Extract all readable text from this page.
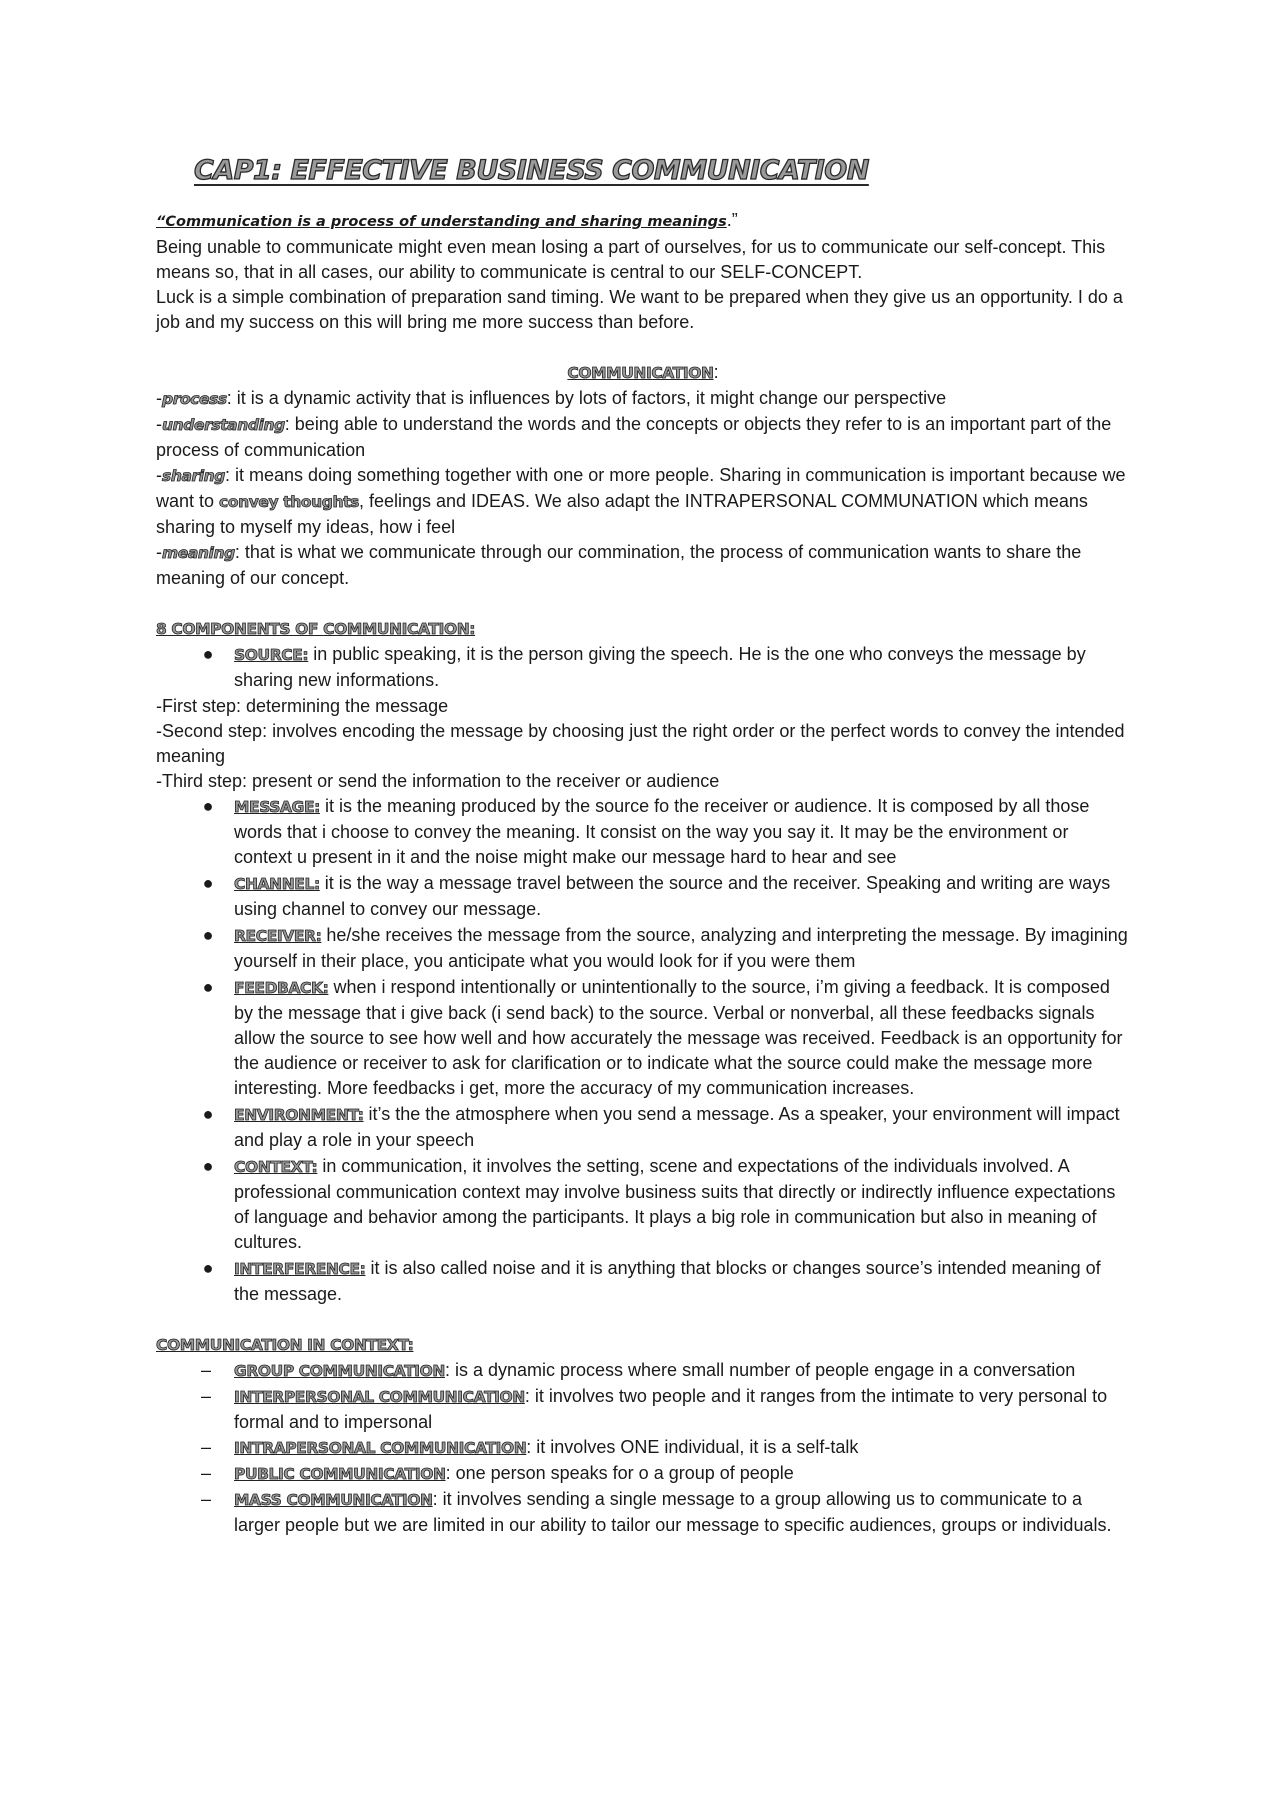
CAP1: EFFECTIVE BUSINESS COMMUNICATION

“Communication is a process of understanding and sharing meanings.”

Being unable to communicate might even mean losing a part of ourselves, for us to communicate our self-concept. This means so, that in all cases, our ability to communicate is central to our SELF-CONCEPT.

Luck is a simple combination of preparation sand timing. We want to be prepared when they give us an opportunity. I do a job and my success on this will bring me more success than before.

COMMUNICATION:

-process: it is a dynamic activity that is influences by lots of factors, it might change our perspective

-understanding: being able to understand the words and the concepts or objects they refer to is an important part of the process of communication

-sharing: it means doing something together with one or more people. Sharing in communication is important because we want to convey thoughts, feelings and IDEAS. We also adapt the INTRAPERSONAL COMMUNATION which means sharing to myself my ideas, how i feel

-meaning: that is what we communicate through our commination, the process of communication wants to share the meaning of our concept.

8 COMPONENTS OF COMMUNICATION:

● SOURCE: in public speaking, it is the person giving the speech. He is the one who conveys the message by sharing new informations.

-First step: determining the message

-Second step: involves encoding the message by choosing just the right order or the perfect words to convey the intended meaning

-Third step: present or send the information to the receiver or audience

● MESSAGE: it is the meaning produced by the source fo the receiver or audience. It is composed by all those words that i choose to convey the meaning. It consist on the way you say it. It may be the environment or context u present in it and the noise might make our message hard to hear and see
● CHANNEL: it is the way a message travel between the source and the receiver. Speaking and writing are ways using channel to convey our message.
● RECEIVER: he/she receives the message from the source, analyzing and interpreting the message. By imagining yourself in their place, you anticipate what you would look for if you were them
● FEEDBACK: when i respond intentionally or unintentionally to the source, i’m giving a feedback. It is composed by the message that i give back (i send back) to the source. Verbal or nonverbal, all these feedbacks signals allow the source to see how well and how accurately the message was received. Feedback is an opportunity for the audience or receiver to ask for clarification or to indicate what the source could make the message more interesting. More feedbacks i get, more the accuracy of my communication increases.
● ENVIRONMENT: it’s the the atmosphere when you send a message. As a speaker, your environment will impact and play a role in your speech
● CONTEXT: in communication, it involves the setting, scene and expectations of the individuals involved. A professional communication context may involve business suits that directly or indirectly influence expectations of language and behavior among the participants. It plays a big role in communication but also in meaning of cultures.
● INTERFERENCE: it is also called noise and it is anything that blocks or changes source’s intended meaning of the message.

COMMUNICATION IN CONTEXT:

–	GROUP COMMUNICATION: is a dynamic process where small number of people engage in a conversation
–	INTERPERSONAL COMMUNICATION: it involves two people and it ranges from the intimate to very personal to formal and to impersonal
–	INTRAPERSONAL COMMUNICATION: it involves ONE individual, it is a self-talk
–	PUBLIC COMMUNICATION: one person speaks for o a group of people
–	MASS COMMUNICATION: it involves sending a single message to a group allowing us to communicate to a larger people but we are limited in our ability to tailor our message to specific audiences, groups or individuals.
